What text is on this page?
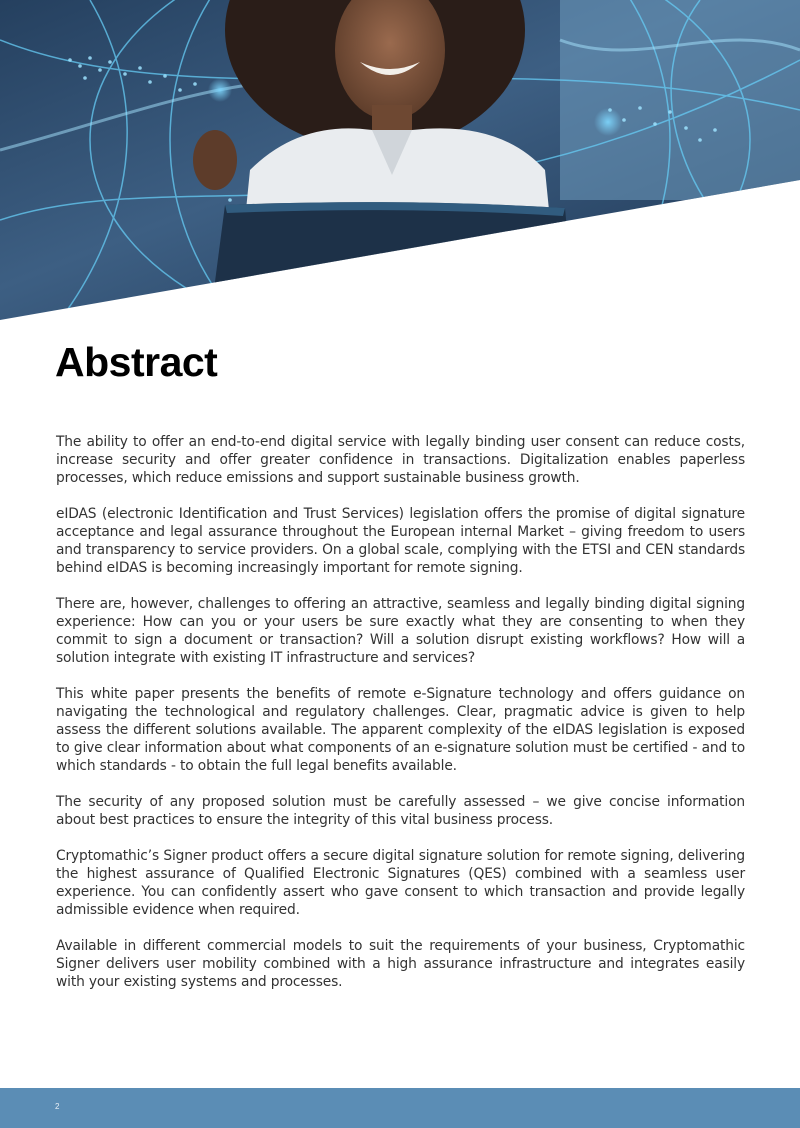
Abstract

The ability to offer an end-to-end digital service with legally binding user consent can reduce costs, increase security and offer greater confidence in transactions. Digitalization enables paperless processes, which reduce emissions and support sustainable business growth.

eIDAS (electronic Identification and Trust Services) legislation offers the promise of digital signature acceptance and legal assurance throughout the European internal Market – giving freedom to users and transparency to service providers. On a global scale, complying with the ETSI and CEN standards behind eIDAS is becoming increasingly important for remote signing.

There are, however, challenges to offering an attractive, seamless and legally binding digital signing experience: How can you or your users be sure exactly what they are consenting to when they commit to sign a document or transaction? Will a solution disrupt existing workflows? How will a solution integrate with existing IT infrastructure and services?

This white paper presents the benefits of remote e-Signature technology and offers guidance on navigating the technological and regulatory challenges. Clear, pragmatic advice is given to help assess the different solutions available. The apparent complexity of the eIDAS legislation is exposed to give clear information about what components of an e-signature solution must be certified - and to which standards - to obtain the full legal benefits available.

The security of any proposed solution must be carefully assessed – we give concise information about best practices to ensure the integrity of this vital business process.

Cryptomathic’s Signer product offers a secure digital signature solution for remote signing, delivering the highest assurance of Qualified Electronic Signatures (QES) combined with a seamless user experience. You can confidently assert who gave consent to which transaction and provide legally admissible evidence when required.

Available in different commercial models to suit the requirements of your business, Cryptomathic Signer delivers user mobility combined with a high assurance infrastructure and integrates easily with your existing systems and processes.

2
